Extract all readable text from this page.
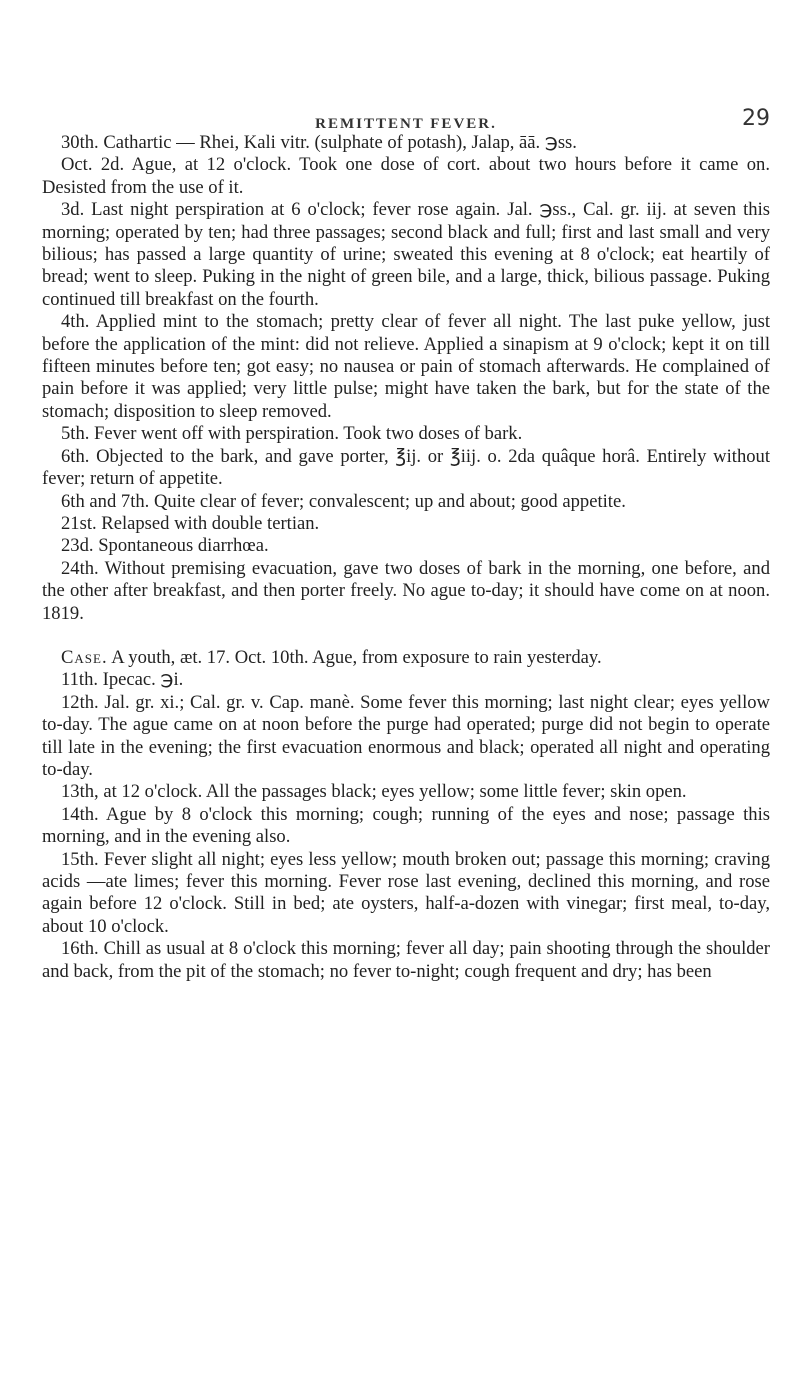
REMITTENT FEVER.	29

30th. Cathartic — Rhei, Kali vitr. (sulphate of potash), Jalap, āā. ℈ss.

Oct. 2d. Ague, at 12 o'clock. Took one dose of cort. about two hours before it came on. Desisted from the use of it.

3d. Last night perspiration at 6 o'clock; fever rose again. Jal. ℈ss., Cal. gr. iij. at seven this morning; operated by ten; had three passages; second black and full; first and last small and very bilious; has passed a large quantity of urine; sweated this evening at 8 o'clock; eat heartily of bread; went to sleep. Puking in the night of green bile, and a large, thick, bilious passage. Puking continued till breakfast on the fourth.

4th. Applied mint to the stomach; pretty clear of fever all night. The last puke yellow, just before the application of the mint: did not relieve. Applied a sinapism at 9 o'clock; kept it on till fifteen minutes before ten; got easy; no nausea or pain of stomach afterwards. He complained of pain before it was applied; very little pulse; might have taken the bark, but for the state of the stomach; disposition to sleep removed.

5th. Fever went off with perspiration. Took two doses of bark.

6th. Objected to the bark, and gave porter, ℥ij. or ℥iij. o. 2da quâque horâ. Entirely without fever; return of appetite.

6th and 7th. Quite clear of fever; convalescent; up and about; good appetite.

21st. Relapsed with double tertian.

23d. Spontaneous diarrhœa.

24th. Without premising evacuation, gave two doses of bark in the morning, one before, and the other after breakfast, and then porter freely. No ague to-day; it should have come on at noon. 1819.

Case. A youth, æt. 17. Oct. 10th. Ague, from exposure to rain yesterday.

11th. Ipecac. ℈i.

12th. Jal. gr. xi.; Cal. gr. v. Cap. manè. Some fever this morning; last night clear; eyes yellow to-day. The ague came on at noon before the purge had operated; purge did not begin to operate till late in the evening; the first evacuation enormous and black; operated all night and operating to-day.

13th, at 12 o'clock. All the passages black; eyes yellow; some little fever; skin open.

14th. Ague by 8 o'clock this morning; cough; running of the eyes and nose; passage this morning, and in the evening also.

15th. Fever slight all night; eyes less yellow; mouth broken out; passage this morning; craving acids —ate limes; fever this morning. Fever rose last evening, declined this morning, and rose again before 12 o'clock. Still in bed; ate oysters, half-a-dozen with vinegar; first meal, to-day, about 10 o'clock.

16th. Chill as usual at 8 o'clock this morning; fever all day; pain shooting through the shoulder and back, from the pit of the stomach; no fever to-night; cough frequent and dry; has been
